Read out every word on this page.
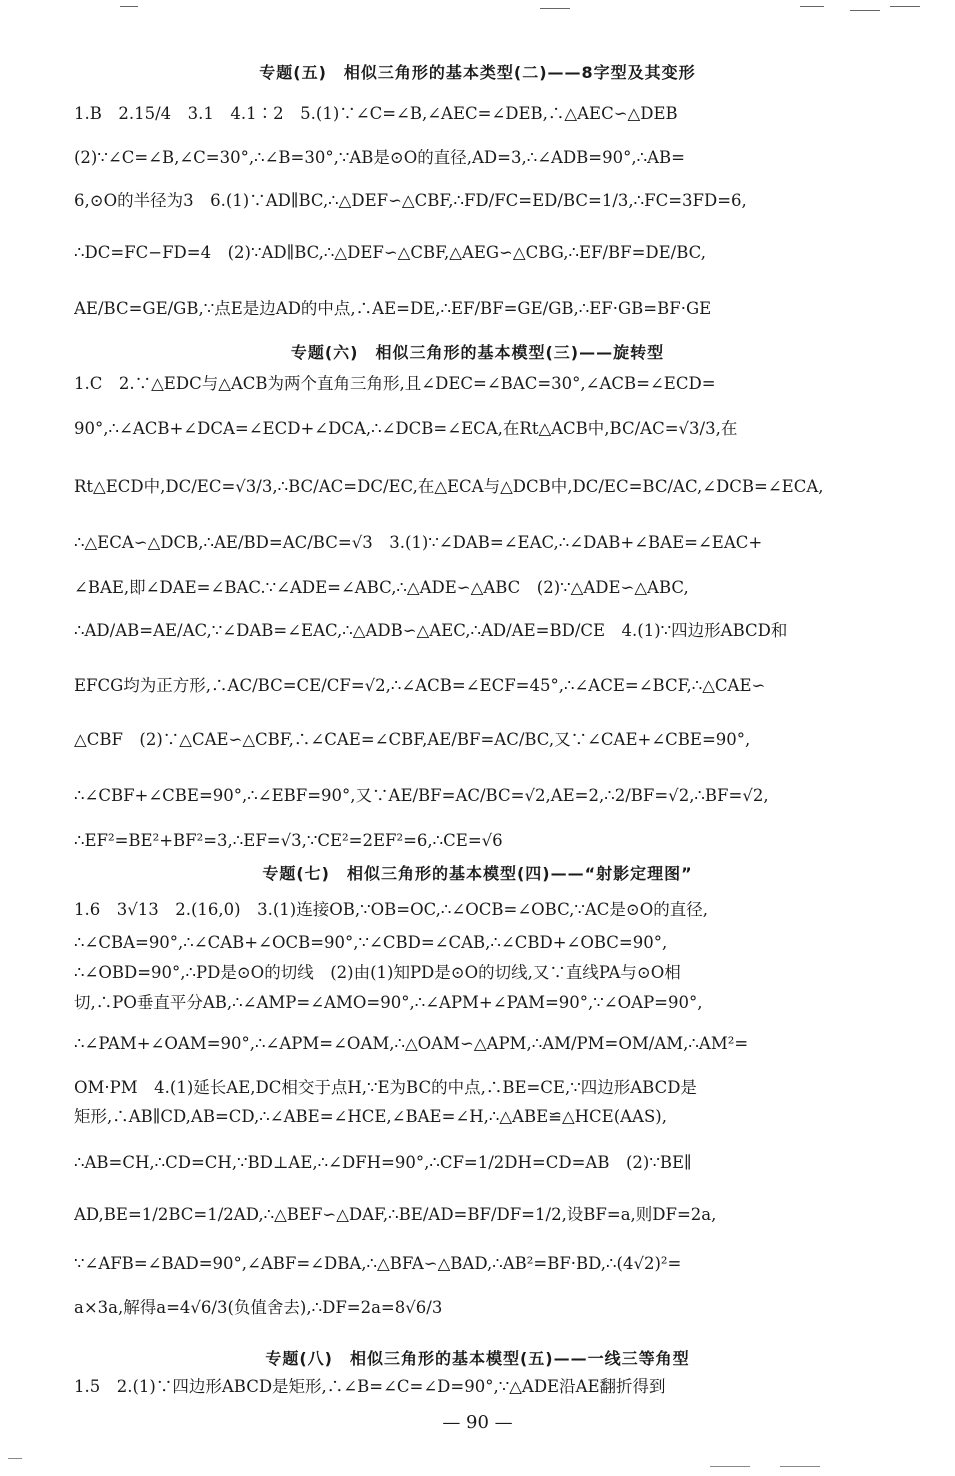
专题(五)　相似三角形的基本类型(二)——8字型及其变形
1.B　2.15/4　3.1　4.1∶2　5.(1)∵∠C=∠B,∠AEC=∠DEB,∴△AEC∽△DEB
(2)∵∠C=∠B,∠C=30°,∴∠B=30°,∵AB是⊙O的直径,AD=3,∴∠ADB=90°,∴AB=
6,⊙O的半径为3　6.(1)∵AD∥BC,∴△DEF∽△CBF,∴FD/FC=ED/BC=1/3,∴FC=3FD=6,
∴DC=FC−FD=4　(2)∵AD∥BC,∴△DEF∽△CBF,△AEG∽△CBG,∴EF/BF=DE/BC,
AE/BC=GE/GB,∵点E是边AD的中点,∴AE=DE,∴EF/BF=GE/GB,∴EF·GB=BF·GE
专题(六)　相似三角形的基本模型(三)——旋转型
1.C　2.∵△EDC与△ACB为两个直角三角形,且∠DEC=∠BAC=30°,∠ACB=∠ECD=
90°,∴∠ACB+∠DCA=∠ECD+∠DCA,∴∠DCB=∠ECA,在Rt△ACB中,BC/AC=√3/3,在
Rt△ECD中,DC/EC=√3/3,∴BC/AC=DC/EC,在△ECA与△DCB中,DC/EC=BC/AC,∠DCB=∠ECA,
∴△ECA∽△DCB,∴AE/BD=AC/BC=√3　3.(1)∵∠DAB=∠EAC,∴∠DAB+∠BAE=∠EAC+
∠BAE,即∠DAE=∠BAC.∵∠ADE=∠ABC,∴△ADE∽△ABC　(2)∵△ADE∽△ABC,
∴AD/AB=AE/AC,∵∠DAB=∠EAC,∴△ADB∽△AEC,∴AD/AE=BD/CE　4.(1)∵四边形ABCD和
EFCG均为正方形,∴AC/BC=CE/CF=√2,∴∠ACB=∠ECF=45°,∴∠ACE=∠BCF,∴△CAE∽
△CBF　(2)∵△CAE∽△CBF,∴∠CAE=∠CBF,AE/BF=AC/BC,又∵∠CAE+∠CBE=90°,
∴∠CBF+∠CBE=90°,∴∠EBF=90°,又∵AE/BF=AC/BC=√2,AE=2,∴2/BF=√2,∴BF=√2,
∴EF²=BE²+BF²=3,∴EF=√3,∵CE²=2EF²=6,∴CE=√6
专题(七)　相似三角形的基本模型(四)——“射影定理图”
1.6　3√13　2.(16,0)　3.(1)连接OB,∵OB=OC,∴∠OCB=∠OBC,∵AC是⊙O的直径,
∴∠CBA=90°,∴∠CAB+∠OCB=90°,∵∠CBD=∠CAB,∴∠CBD+∠OBC=90°,
∴∠OBD=90°,∴PD是⊙O的切线　(2)由(1)知PD是⊙O的切线,又∵直线PA与⊙O相
切,∴PO垂直平分AB,∴∠AMP=∠AMO=90°,∴∠APM+∠PAM=90°,∵∠OAP=90°,
∴∠PAM+∠OAM=90°,∴∠APM=∠OAM,∴△OAM∽△APM,∴AM/PM=OM/AM,∴AM²=
OM·PM　4.(1)延长AE,DC相交于点H,∵E为BC的中点,∴BE=CE,∵四边形ABCD是
矩形,∴AB∥CD,AB=CD,∴∠ABE=∠HCE,∠BAE=∠H,∴△ABE≌△HCE(AAS),
∴AB=CH,∴CD=CH,∵BD⊥AE,∴∠DFH=90°,∴CF=1/2DH=CD=AB　(2)∵BE∥
AD,BE=1/2BC=1/2AD,∴△BEF∽△DAF,∴BE/AD=BF/DF=1/2,设BF=a,则DF=2a,
∵∠AFB=∠BAD=90°,∠ABF=∠DBA,∴△BFA∽△BAD,∴AB²=BF·BD,∴(4√2)²=
a×3a,解得a=4√6/3(负值舍去),∴DF=2a=8√6/3
专题(八)　相似三角形的基本模型(五)——一线三等角型
1.5　2.(1)∵四边形ABCD是矩形,∴∠B=∠C=∠D=90°,∵△ADE沿AE翻折得到
— 90 —
